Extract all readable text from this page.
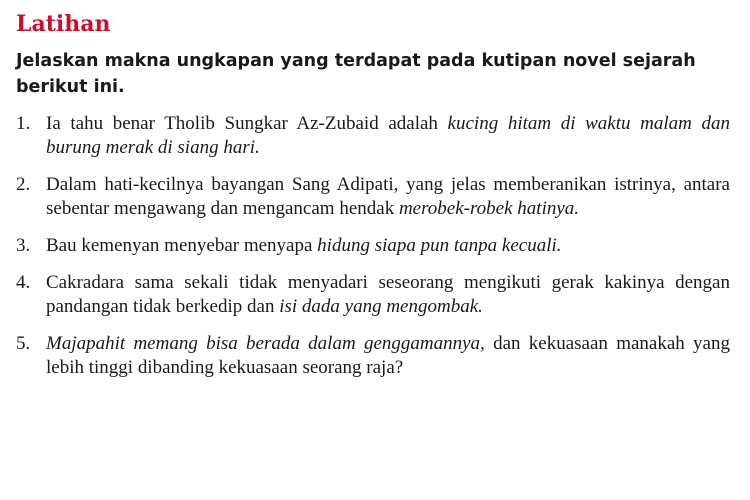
Latihan

Jelaskan makna ungkapan yang terdapat pada kutipan novel sejarah berikut ini.

1. Ia tahu benar Tholib Sungkar Az-Zubaid adalah kucing hitam di waktu malam dan burung merak di siang hari.
2. Dalam hati-kecilnya bayangan Sang Adipati, yang jelas memberanikan istrinya, antara sebentar mengawang dan mengancam hendak merobek-robek hatinya.
3. Bau kemenyan menyebar menyapa hidung siapa pun tanpa kecuali.
4. Cakradara sama sekali tidak menyadari seseorang mengikuti gerak kakinya dengan pandangan tidak berkedip dan isi dada yang mengombak.
5. Majapahit memang bisa berada dalam genggamannya, dan kekuasaan manakah yang lebih tinggi dibanding kekuasaan seorang raja?
